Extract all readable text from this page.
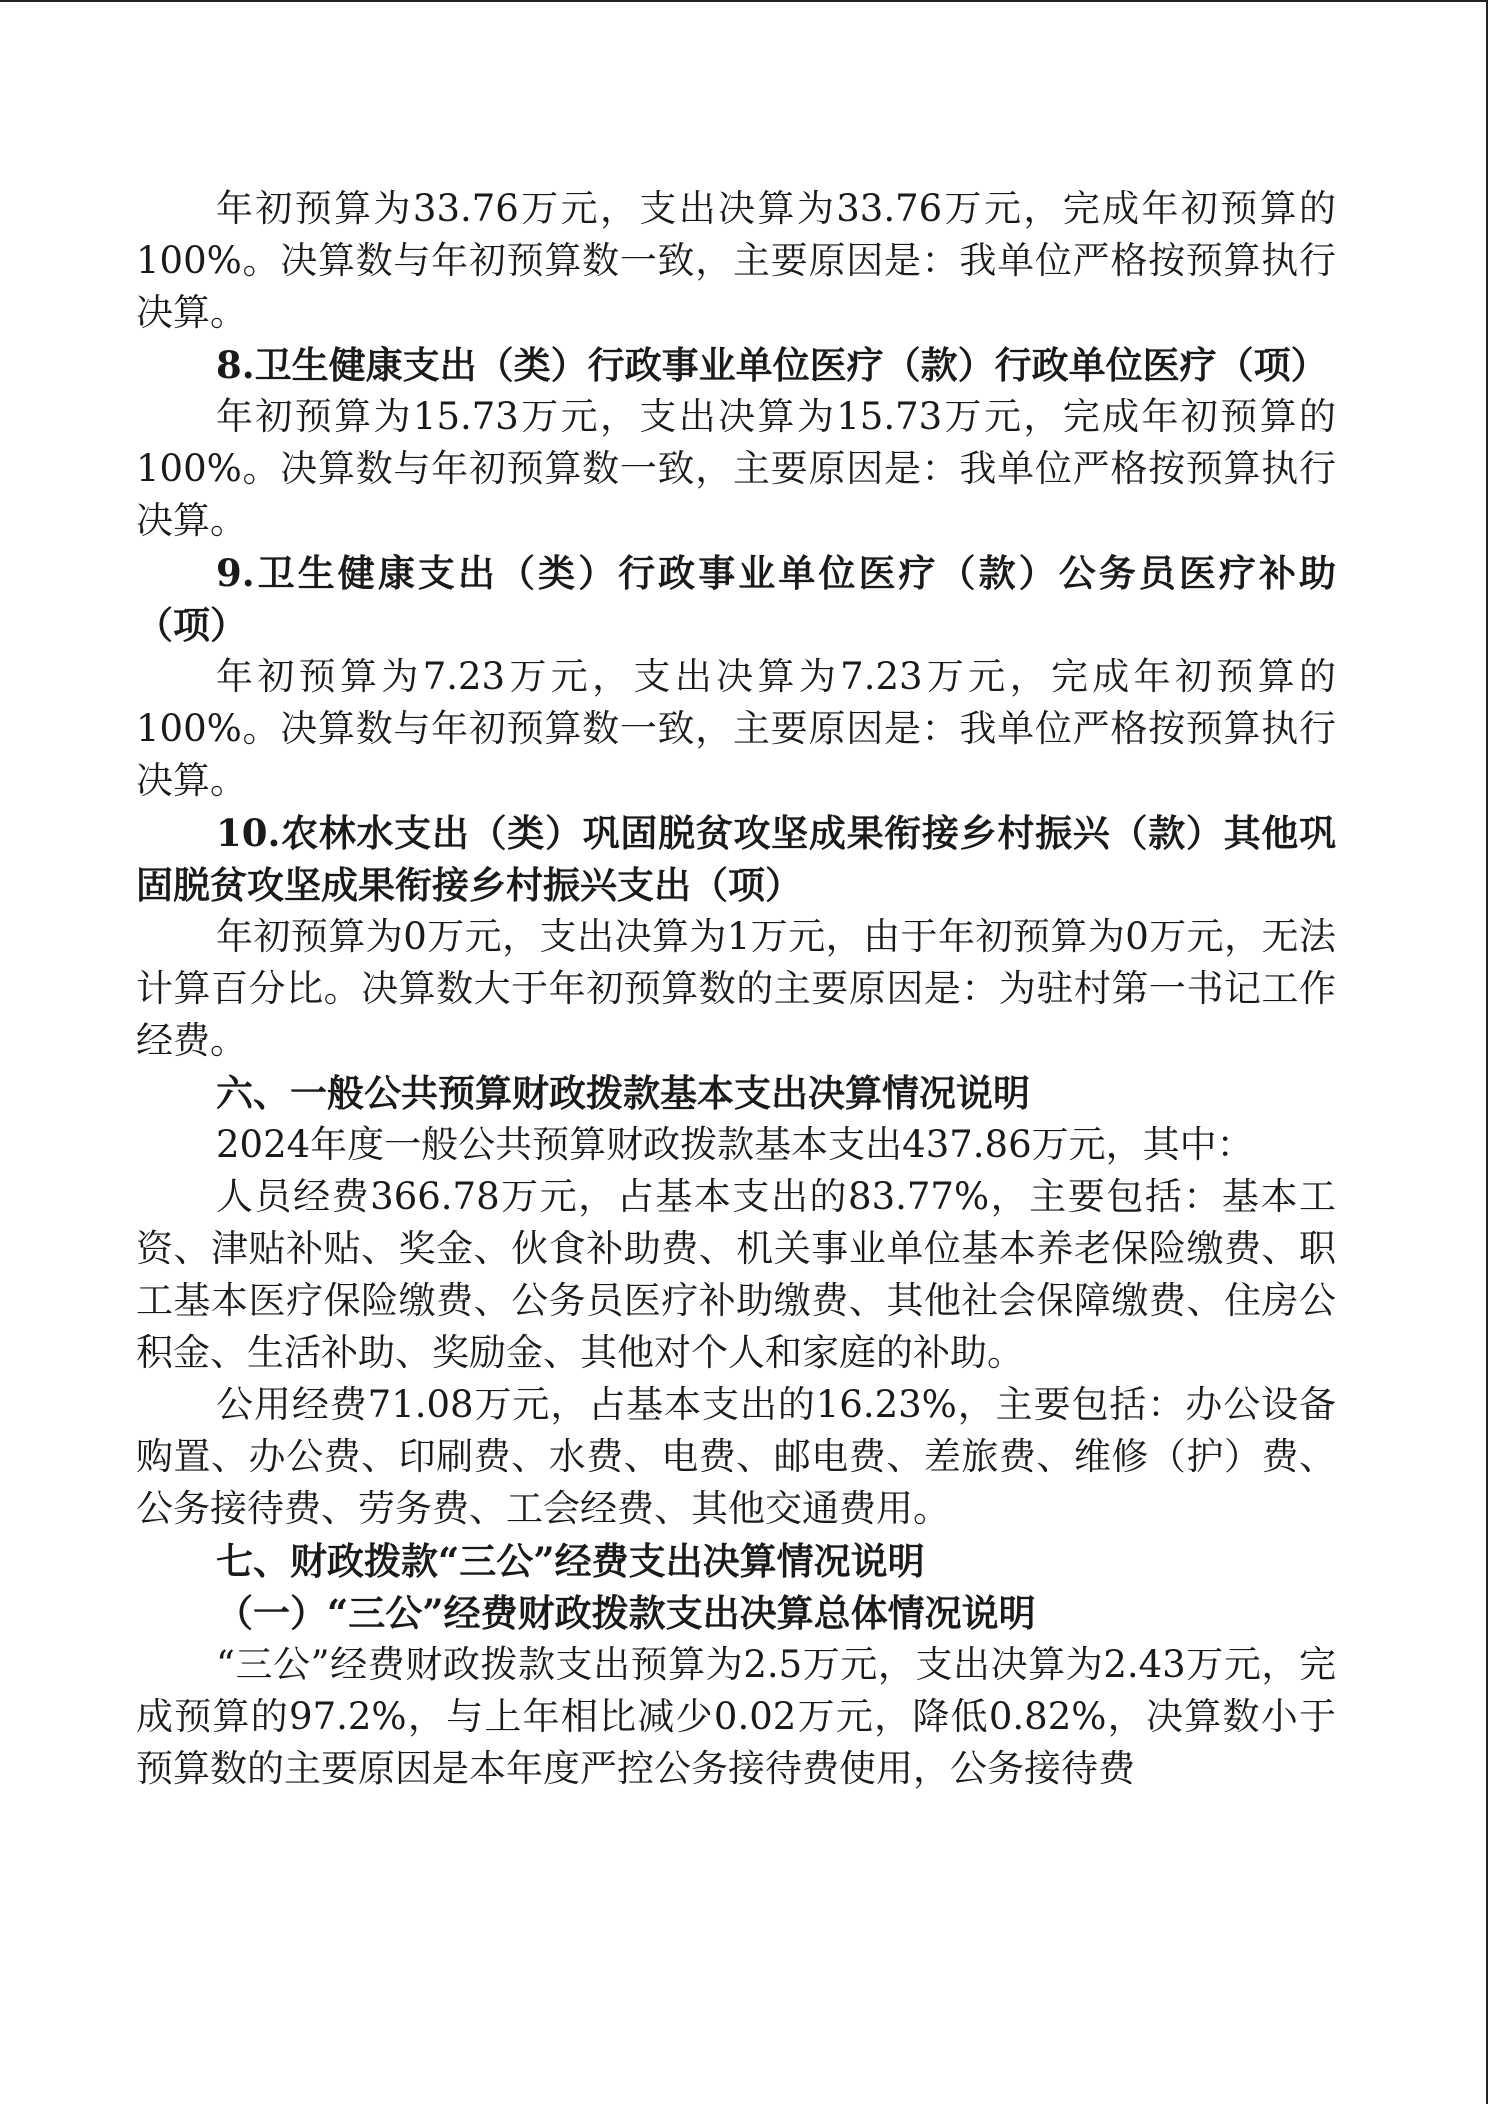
年初预算为33.76万元，支出决算为33.76万元，完成年初预算的100%。决算数与年初预算数一致，主要原因是：我单位严格按预算执行决算。

8.卫生健康支出（类）行政事业单位医疗（款）行政单位医疗（项）

年初预算为15.73万元，支出决算为15.73万元，完成年初预算的100%。决算数与年初预算数一致，主要原因是：我单位严格按预算执行决算。

9.卫生健康支出（类）行政事业单位医疗（款）公务员医疗补助（项）

年初预算为7.23万元，支出决算为7.23万元，完成年初预算的100%。决算数与年初预算数一致，主要原因是：我单位严格按预算执行决算。

10.农林水支出（类）巩固脱贫攻坚成果衔接乡村振兴（款）其他巩固脱贫攻坚成果衔接乡村振兴支出（项）

年初预算为0万元，支出决算为1万元，由于年初预算为0万元，无法计算百分比。决算数大于年初预算数的主要原因是：为驻村第一书记工作经费。

六、一般公共预算财政拨款基本支出决算情况说明

2024年度一般公共预算财政拨款基本支出437.86万元，其中：

人员经费366.78万元，占基本支出的83.77%，主要包括：基本工资、津贴补贴、奖金、伙食补助费、机关事业单位基本养老保险缴费、职工基本医疗保险缴费、公务员医疗补助缴费、其他社会保障缴费、住房公积金、生活补助、奖励金、其他对个人和家庭的补助。

公用经费71.08万元，占基本支出的16.23%，主要包括：办公设备购置、办公费、印刷费、水费、电费、邮电费、差旅费、维修（护）费、公务接待费、劳务费、工会经费、其他交通费用。

七、财政拨款“三公”经费支出决算情况说明

（一）“三公”经费财政拨款支出决算总体情况说明

“三公”经费财政拨款支出预算为2.5万元，支出决算为2.43万元，完成预算的97.2%，与上年相比减少0.02万元，降低0.82%，决算数小于预算数的主要原因是本年度严控公务接待费使用，公务接待费
